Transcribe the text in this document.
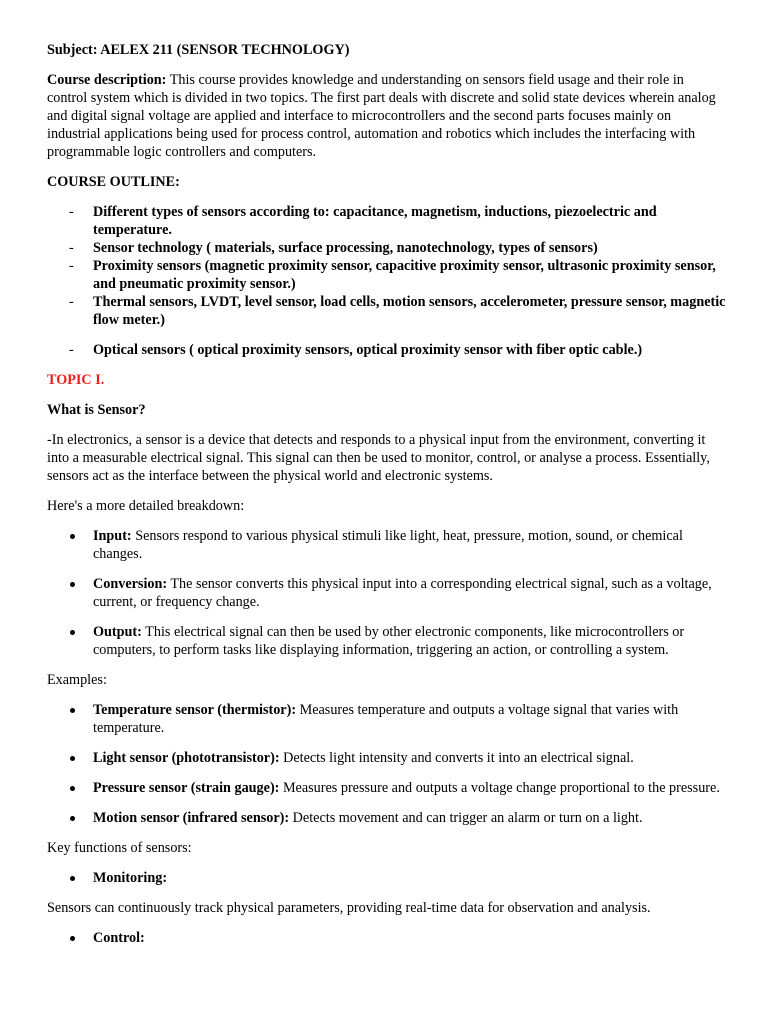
Subject: AELEX 211 (SENSOR TECHNOLOGY)

Course description: This course provides knowledge and understanding on sensors field usage and their role in control system which is divided in two topics. The first part deals with discrete and solid state devices wherein analog and digital signal voltage are applied and interface to microcontrollers and the second parts focuses mainly on industrial applications being used for process control, automation and robotics which includes the interfacing with programmable logic controllers and computers.

COURSE OUTLINE:

- Different types of sensors according to: capacitance, magnetism, inductions, piezoelectric and temperature.
- Sensor technology ( materials, surface processing, nanotechnology, types of sensors)
- Proximity sensors (magnetic proximity sensor, capacitive proximity sensor, ultrasonic proximity sensor, and pneumatic proximity sensor.)
- Thermal sensors, LVDT, level sensor, load cells, motion sensors, accelerometer, pressure sensor, magnetic flow meter.)
- Optical sensors ( optical proximity sensors, optical proximity sensor with fiber optic cable.)

TOPIC I.

What is Sensor?

-In electronics, a sensor is a device that detects and responds to a physical input from the environment, converting it into a measurable electrical signal. This signal can then be used to monitor, control, or analyse a process. Essentially, sensors act as the interface between the physical world and electronic systems.

Here's a more detailed breakdown:

Input: Sensors respond to various physical stimuli like light, heat, pressure, motion, sound, or chemical changes.
Conversion: The sensor converts this physical input into a corresponding electrical signal, such as a voltage, current, or frequency change.
Output: This electrical signal can then be used by other electronic components, like microcontrollers or computers, to perform tasks like displaying information, triggering an action, or controlling a system.

Examples:

Temperature sensor (thermistor): Measures temperature and outputs a voltage signal that varies with temperature.
Light sensor (phototransistor): Detects light intensity and converts it into an electrical signal.
Pressure sensor (strain gauge): Measures pressure and outputs a voltage change proportional to the pressure.
Motion sensor (infrared sensor): Detects movement and can trigger an alarm or turn on a light.

Key functions of sensors:

Monitoring:

Sensors can continuously track physical parameters, providing real-time data for observation and analysis.

Control:
